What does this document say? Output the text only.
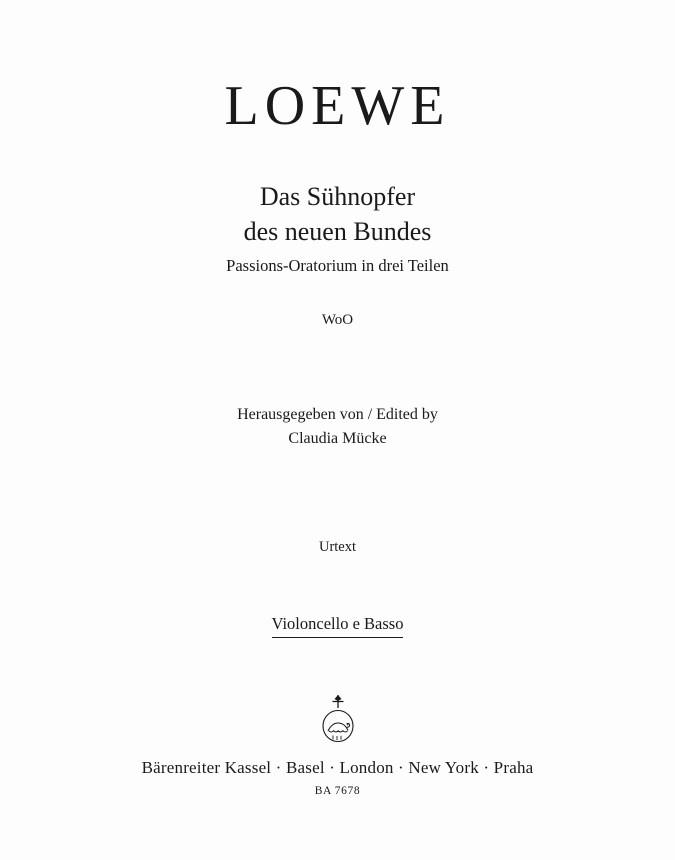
LOEWE
Das Sühnopfer
des neuen Bundes
Passions-Oratorium in drei Teilen
WoO
Herausgegeben von / Edited by
Claudia Mücke
Urtext
Violoncello e Basso
Bärenreiter Kassel · Basel · London · New York · Praha
BA 7678
